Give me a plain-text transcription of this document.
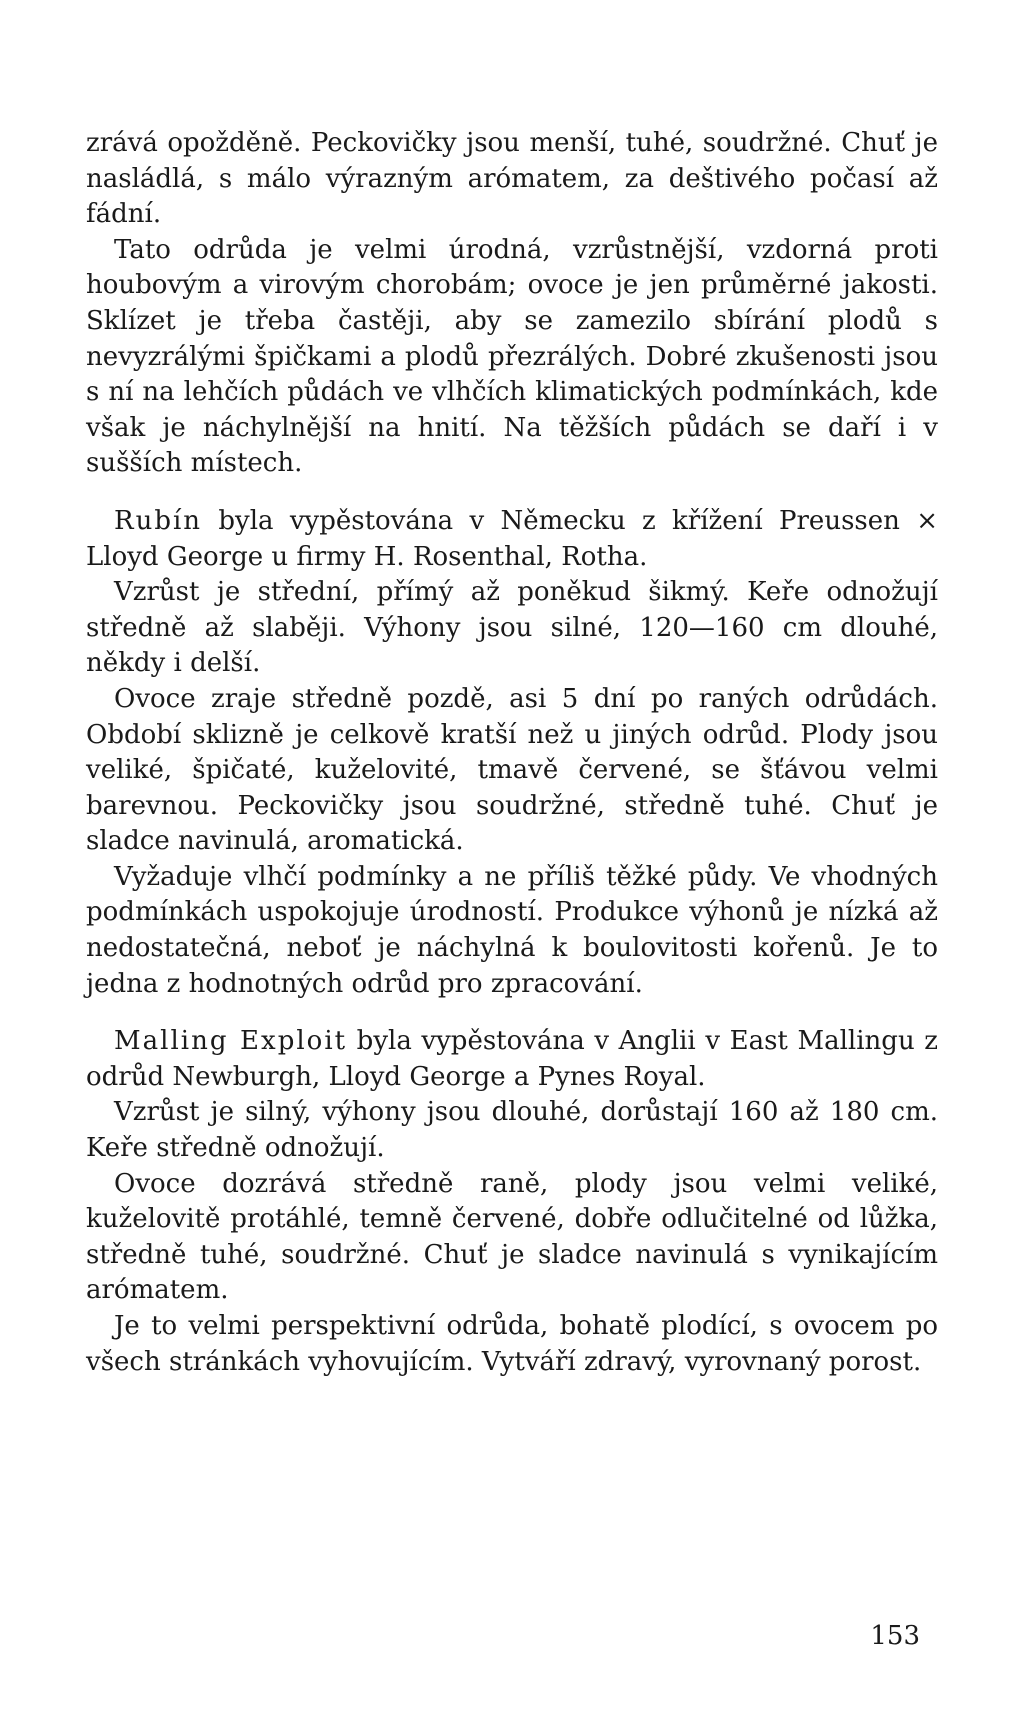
zrává opožděně. Peckovičky jsou menší, tuhé, soudržné. Chuť je nasládlá, s málo výrazným arómatem, za deštivého počasí až fádní.

Tato odrůda je velmi úrodná, vzrůstnější, vzdorná proti houbovým a virovým chorobám; ovoce je jen průměrné jakosti. Sklízet je třeba častěji, aby se zamezilo sbírání plodů s nevyzrálými špičkami a plodů přezrálých. Dobré zkušenosti jsou s ní na lehčích půdách ve vlhčích klimatických podmínkách, kde však je náchylnější na hnití. Na těžších půdách se daří i v sušších místech.

Rubín byla vypěstována v Německu z křížení Preussen × Lloyd George u firmy H. Rosenthal, Rotha.

Vzrůst je střední, přímý až poněkud šikmý. Keře odnožují středně až slaběji. Výhony jsou silné, 120—160 cm dlouhé, někdy i delší.

Ovoce zraje středně pozdě, asi 5 dní po raných odrůdách. Období sklizně je celkově kratší než u jiných odrůd. Plody jsou veliké, špičaté, kuželovité, tmavě červené, se šťávou velmi barevnou. Peckovičky jsou soudržné, středně tuhé. Chuť je sladce navinulá, aromatická.

Vyžaduje vlhčí podmínky a ne příliš těžké půdy. Ve vhodných podmínkách uspokojuje úrodností. Produkce výhonů je nízká až nedostatečná, neboť je náchylná k boulovitosti kořenů. Je to jedna z hodnotných odrůd pro zpracování.

Malling Exploit byla vypěstována v Anglii v East Mallingu z odrůd Newburgh, Lloyd George a Pynes Royal.

Vzrůst je silný, výhony jsou dlouhé, dorůstají 160 až 180 cm. Keře středně odnožují.

Ovoce dozrává středně raně, plody jsou velmi veliké, kuželovitě protáhlé, temně červené, dobře odlučitelné od lůžka, středně tuhé, soudržné. Chuť je sladce navinulá s vynikajícím arómatem.

Je to velmi perspektivní odrůda, bohatě plodící, s ovocem po všech stránkách vyhovujícím. Vytváří zdravý, vyrovnaný porost.

153
